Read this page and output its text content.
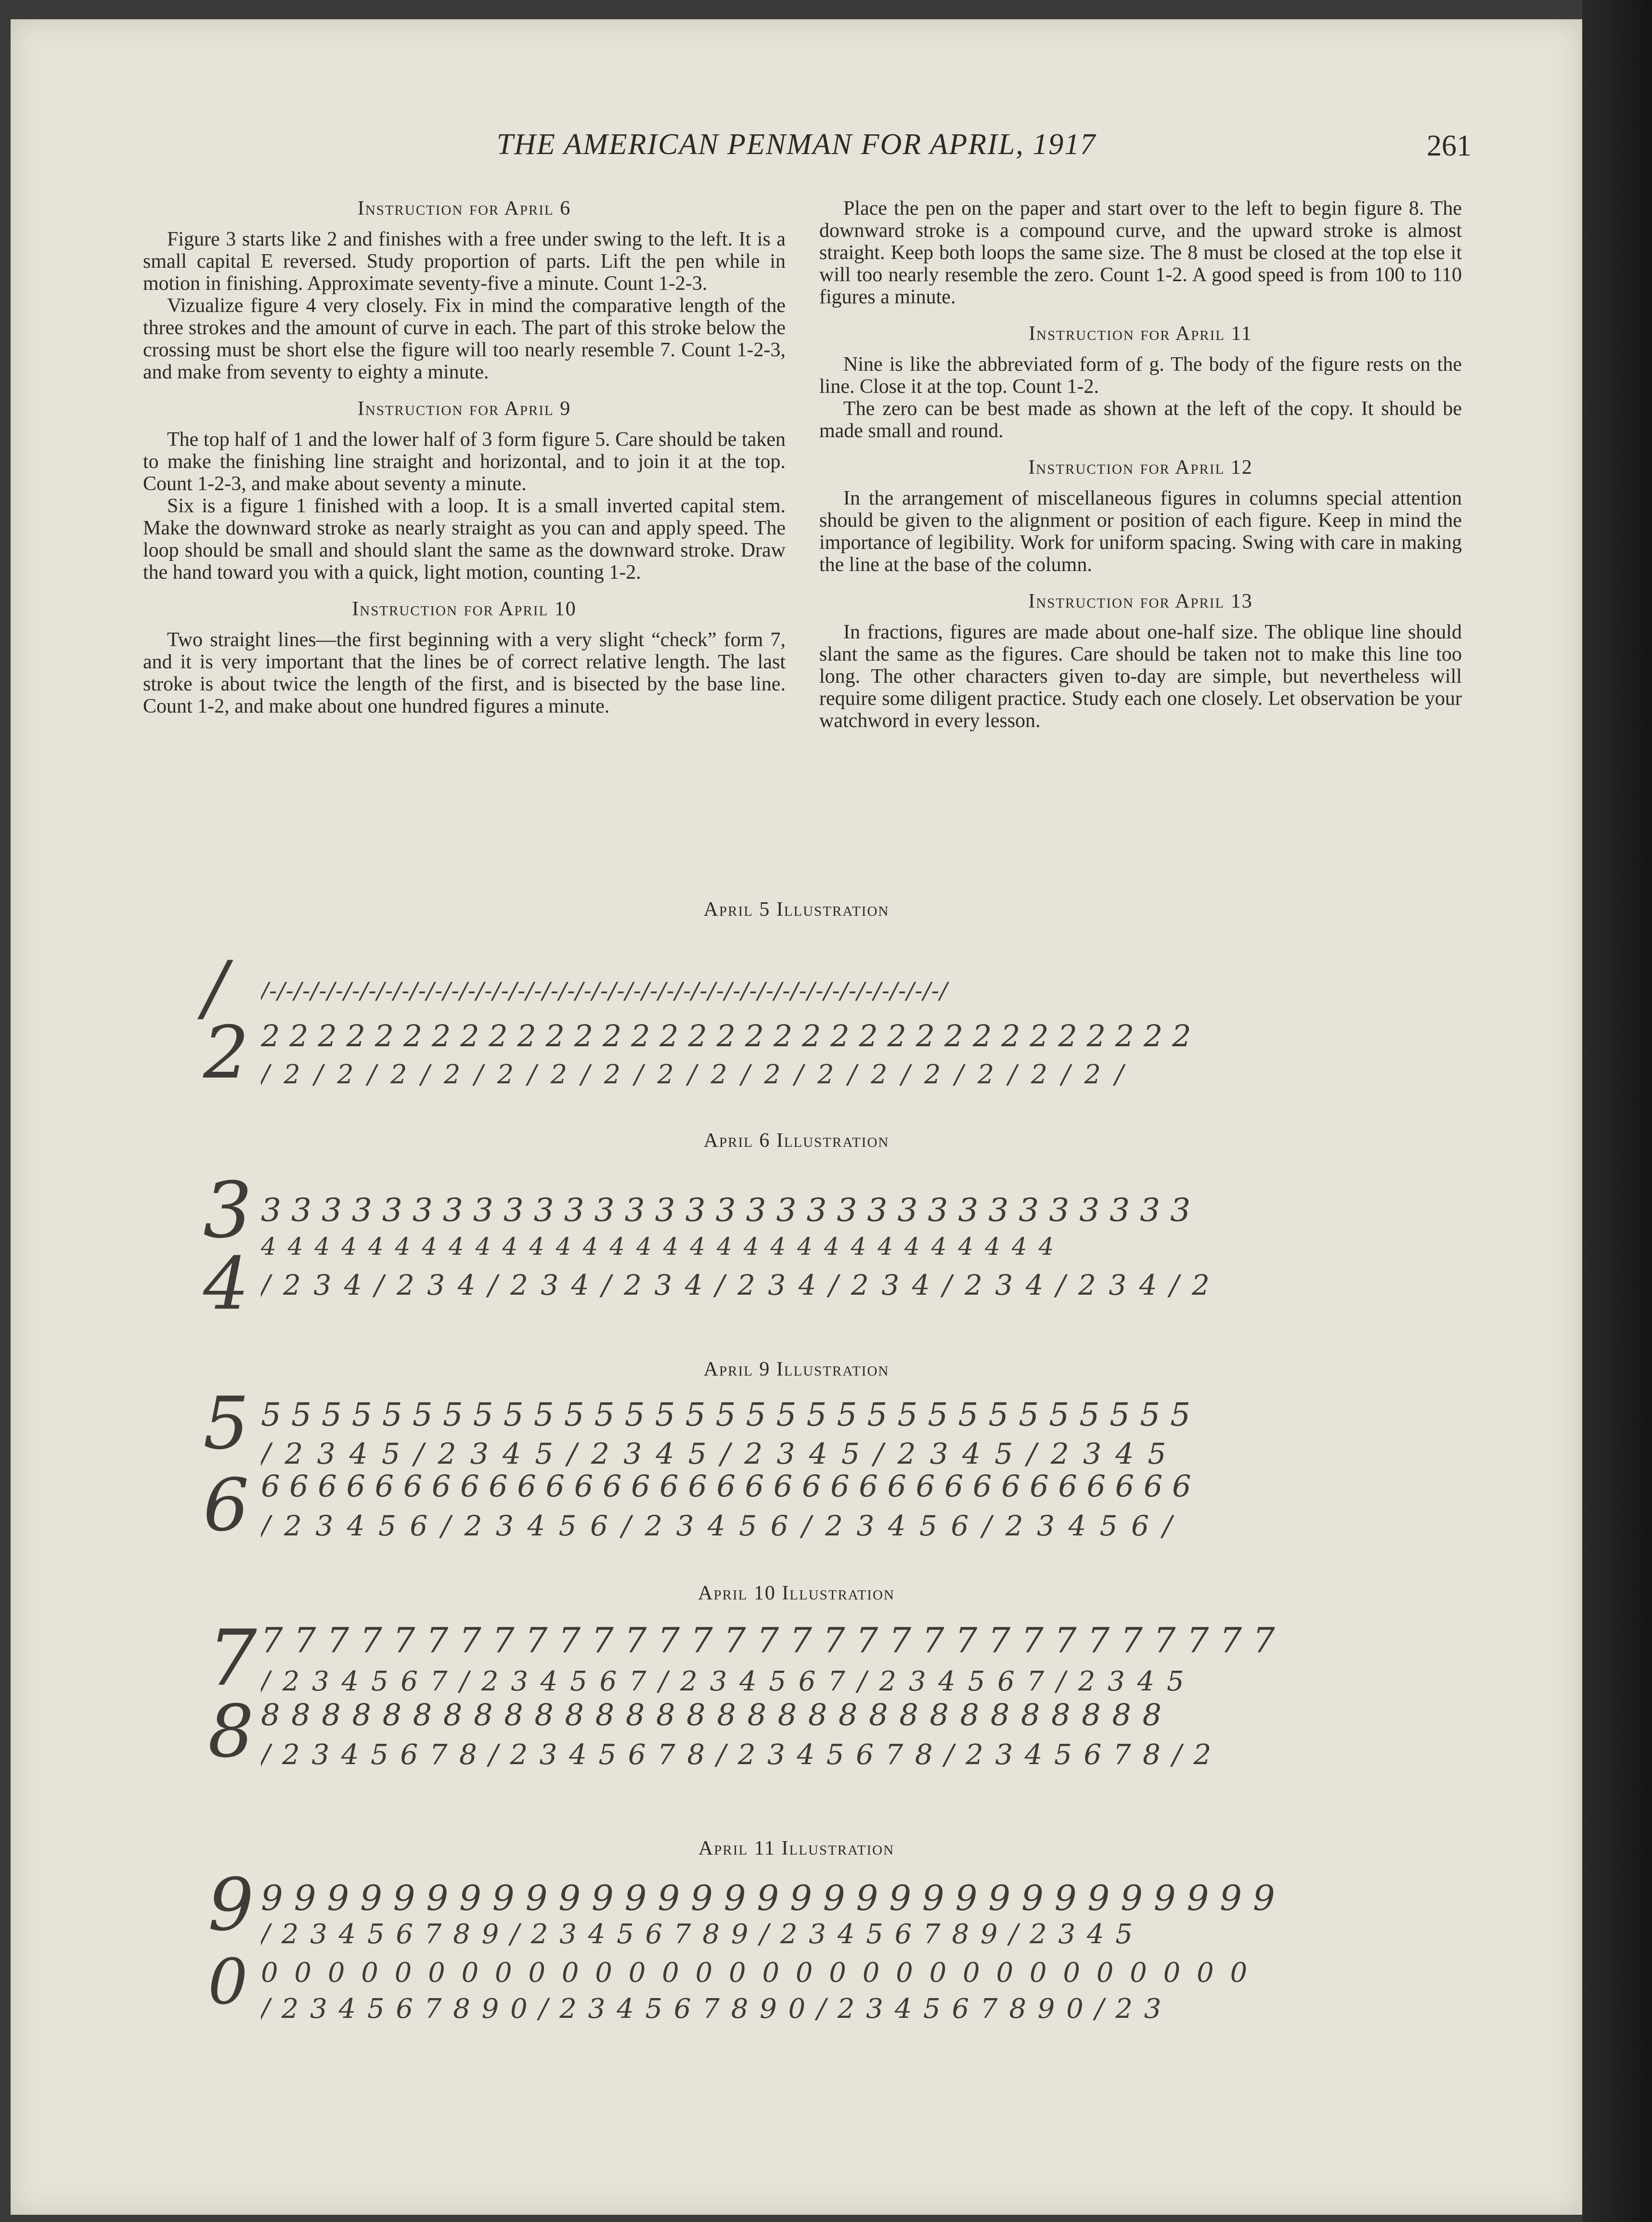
THE AMERICAN PENMAN FOR APRIL, 1917	261
Instruction for April 6

Figure 3 starts like 2 and finishes with a free under swing to the left. It is a small capital E reversed. Study proportion of parts. Lift the pen while in motion in finishing. Approximate seventy-five a minute. Count 1-2-3.

Vizualize figure 4 very closely. Fix in mind the comparative length of the three strokes and the amount of curve in each. The part of this stroke below the crossing must be short else the figure will too nearly resemble 7. Count 1-2-3, and make from seventy to eighty a minute.

Instruction for April 9

The top half of 1 and the lower half of 3 form figure 5. Care should be taken to make the finishing line straight and horizontal, and to join it at the top. Count 1-2-3, and make about seventy a minute.

Six is a figure 1 finished with a loop. It is a small inverted capital stem. Make the downward stroke as nearly straight as you can and apply speed. The loop should be small and should slant the same as the downward stroke. Draw the hand toward you with a quick, light motion, counting 1-2.

Instruction for April 10

Two straight lines—the first beginning with a very slight “check” form 7, and it is very important that the lines be of correct relative length. The last stroke is about twice the length of the first, and is bisected by the base line. Count 1-2, and make about one hundred figures a minute.

Place the pen on the paper and start over to the left to begin figure 8. The downward stroke is a compound curve, and the upward stroke is almost straight. Keep both loops the same size. The 8 must be closed at the top else it will too nearly resemble the zero. Count 1-2. A good speed is from 100 to 110 figures a minute.

Instruction for April 11

Nine is like the abbreviated form of g. The body of the figure rests on the line. Close it at the top. Count 1-2.

The zero can be best made as shown at the left of the copy. It should be made small and round.

Instruction for April 12

In the arrangement of miscellaneous figures in columns special attention should be given to the alignment or position of each figure. Keep in mind the importance of legibility. Work for uniform spacing. Swing with care in making the line at the base of the column.

Instruction for April 13

In fractions, figures are made about one-half size. The oblique line should slant the same as the figures. Care should be taken not to make this line too long. The other characters given to-day are simple, but nevertheless will require some diligent practice. Study each one closely. Let observation be your watchword in every lesson.

April 5 Illustration
/ /-/-/-/-/-/-/-/-/-/-/-/-/-/-/-/-/-/-/-/-/-/-/-/-/-/-/-/-/-/-/-/-/-/-/-/-/-/-/-/-/-/
2 2 2 2 2 2 2 2 2 2 2 2 2 2 2 2 2 2 2 2 2 2 2 2 2 2 2 2 2 2 2 2 2 2
/ 2 / 2 / 2 / 2 / 2 / 2 / 2 / 2 / 2 / 2 / 2 / 2 / 2 / 2 / 2 / 2 /
April 6 Illustration
3 3 3 3 3 3 3 3 3 3 3 3 3 3 3 3 3 3 3 3 3 3 3 3 3 3 3 3 3 3 3 3
4 4 4 4 4 4 4 4 4 4 4 4 4 4 4 4 4 4 4 4 4 4 4 4 4 4 4 4 4 4
4 / 2 3 4 / 2 3 4 / 2 3 4 / 2 3 4 / 2 3 4 / 2 3 4 / 2 3 4 / 2 3 4 / 2
April 9 Illustration
5 5 5 5 5 5 5 5 5 5 5 5 5 5 5 5 5 5 5 5 5 5 5 5 5 5 5 5 5 5 5 5
/ 2 3 4 5 / 2 3 4 5 / 2 3 4 5 / 2 3 4 5 / 2 3 4 5 / 2 3 4 5
6 6 6 6 6 6 6 6 6 6 6 6 6 6 6 6 6 6 6 6 6 6 6 6 6 6 6 6 6 6 6 6 6 6
/ 2 3 4 5 6 / 2 3 4 5 6 / 2 3 4 5 6 / 2 3 4 5 6 / 2 3 4 5 6 /
April 10 Illustration
7 7 7 7 7 7 7 7 7 7 7 7 7 7 7 7 7 7 7 7 7 7 7 7 7 7 7 7 7 7 7 7
/ 2 3 4 5 6 7 / 2 3 4 5 6 7 / 2 3 4 5 6 7 / 2 3 4 5 6 7 / 2 3 4 5
8 8 8 8 8 8 8 8 8 8 8 8 8 8 8 8 8 8 8 8 8 8 8 8 8 8 8 8 8 8 8
/ 2 3 4 5 6 7 8 / 2 3 4 5 6 7 8 / 2 3 4 5 6 7 8 / 2 3 4 5 6 7 8 / 2
April 11 Illustration
9 9 9 9 9 9 9 9 9 9 9 9 9 9 9 9 9 9 9 9 9 9 9 9 9 9 9 9 9 9 9 9
/ 2 3 4 5 6 7 8 9 / 2 3 4 5 6 7 8 9 / 2 3 4 5 6 7 8 9 / 2 3 4 5
0 0 0 0 0 0 0 0 0 0 0 0 0 0 0 0 0 0 0 0 0 0 0 0 0 0 0 0 0 0 0
/ 2 3 4 5 6 7 8 9 0 / 2 3 4 5 6 7 8 9 0 / 2 3 4 5 6 7 8 9 0 / 2 3
